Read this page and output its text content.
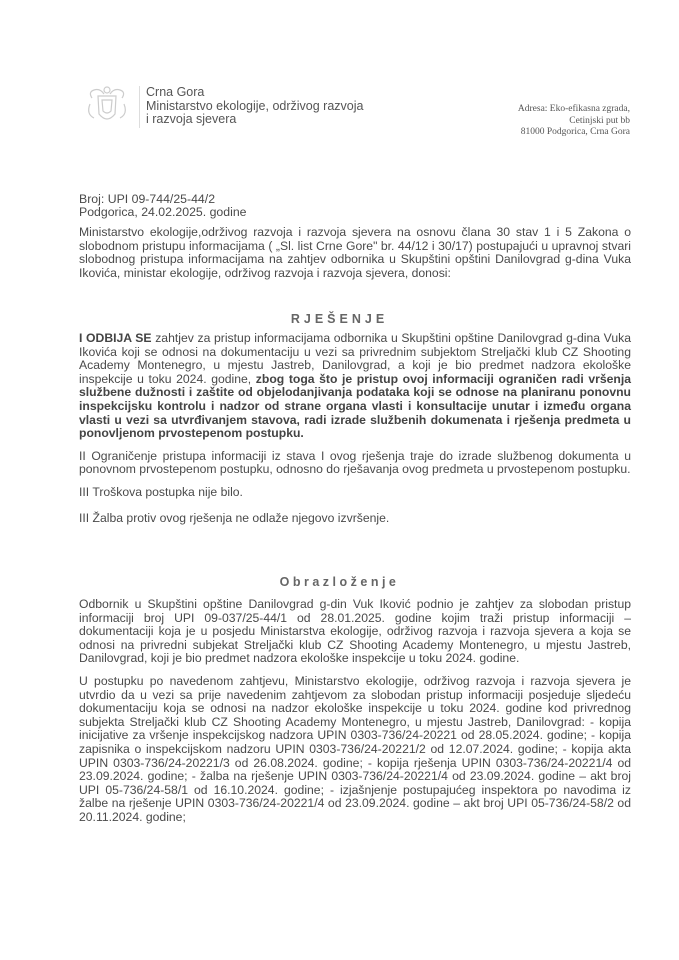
Crna Gora
Ministarstvo ekologije, održivog razvoja
i razvoja sjevera
Adresa: Eko-efikasna zgrada,
Cetinjski put bb
81000 Podgorica, Crna Gora
Broj: UPI 09-744/25-44/2
Podgorica, 24.02.2025. godine

Ministarstvo ekologije,održivog razvoja i razvoja sjevera na osnovu člana 30 stav 1 i 5 Zakona o slobodnom pristupu informacijama ( „Sl. list Crne Gore" br. 44/12 i 30/17) postupajući u upravnoj stvari slobodnog pristupa informacijama na zahtjev odbornika u Skupštini opštini Danilovgrad g-dina Vuka Ikovića, ministar ekologije, održivog razvoja i razvoja sjevera, donosi:

RJEŠENJE

I ODBIJA SE zahtjev za pristup informacijama odbornika u Skupštini opštine Danilovgrad g-dina Vuka Ikovića koji se odnosi na dokumentaciju u vezi sa privrednim subjektom Streljački klub CZ Shooting Academy Montenegro, u mjestu Jastreb, Danilovgrad, a koji je bio predmet nadzora ekološke inspekcije u toku 2024. godine, zbog toga što je pristup ovoj informaciji ograničen radi vršenja službene dužnosti i zaštite od objelodanjivanja podataka koji se odnose na planiranu ponovnu inspekcijsku kontrolu i nadzor od strane organa vlasti i konsultacije unutar i između organa vlasti u vezi sa utvrđivanjem stavova, radi izrade službenih dokumenata i rješenja predmeta u ponovljenom prvostepenom postupku.

II Ograničenje pristupa informaciji iz stava I ovog rješenja traje do izrade službenog dokumenta u ponovnom prvostepenom postupku, odnosno do rješavanja ovog predmeta u prvostepenom postupku.

III Troškova postupka nije bilo.

III Žalba protiv ovog rješenja ne odlaže njegovo izvršenje.

Obrazloženje

Odbornik u Skupštini opštine Danilovgrad g-din Vuk Iković podnio je zahtjev za slobodan pristup informaciji broj UPI 09-037/25-44/1 od 28.01.2025. godine kojim traži pristup informaciji – dokumentaciji koja je u posjedu Ministarstva ekologije, održivog razvoja i razvoja sjevera a koja se odnosi na privredni subjekat Streljački klub CZ Shooting Academy Montenegro, u mjestu Jastreb, Danilovgrad, koji je bio predmet nadzora ekološke inspekcije u toku 2024. godine.

U postupku po navedenom zahtjevu, Ministarstvo ekologije, održivog razvoja i razvoja sjevera je utvrdio da u vezi sa prije navedenim zahtjevom za slobodan pristup informaciji posjeduje sljedeću dokumentaciju koja se odnosi na nadzor ekološke inspekcije u toku 2024. godine kod privrednog subjekta Streljački klub CZ Shooting Academy Montenegro, u mjestu Jastreb, Danilovgrad: - kopija inicijative za vršenje inspekcijskog nadzora UPIN 0303-736/24-20221 od 28.05.2024. godine; - kopija zapisnika o inspekcijskom nadzoru UPIN 0303-736/24-20221/2 od 12.07.2024. godine; - kopija akta UPIN 0303-736/24-20221/3 od 26.08.2024. godine; - kopija rješenja UPIN 0303-736/24-20221/4 od 23.09.2024. godine; - žalba na rješenje UPIN 0303-736/24-20221/4 od 23.09.2024. godine – akt broj UPI 05-736/24-58/1 od 16.10.2024. godine; - izjašnjenje postupajućeg inspektora po navodima iz žalbe na rješenje UPIN 0303-736/24-20221/4 od 23.09.2024. godine – akt broj UPI 05-736/24-58/2 od 20.11.2024. godine;
